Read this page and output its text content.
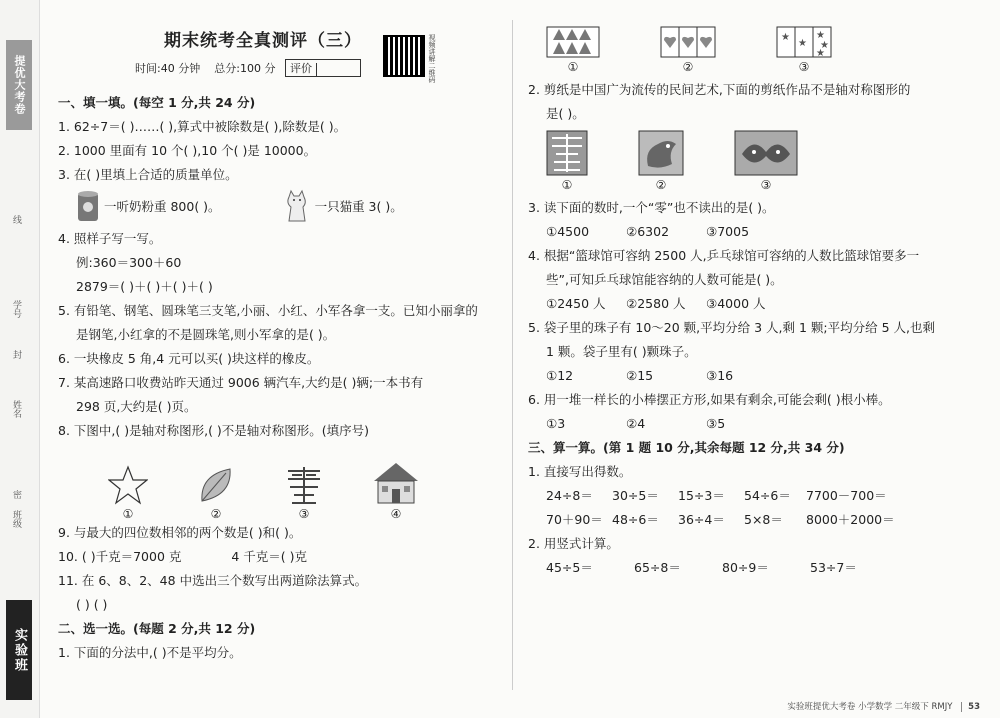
提优大考卷
线
学号
封
姓名
密
班级
实验班
视频讲解二维码
期末统考全真测评（三）
时间:40 分钟 总分:100 分 评价
一、填一填。(每空 1 分,共 24 分)
1. 62÷7＝( )……( ),算式中被除数是( ),除数是( )。
2. 1000 里面有 10 个( ),10 个( )是 10000。
3. 在( )里填上合适的质量单位。
一听奶粉重 800( )。	一只猫重 3( )。
4. 照样子写一写。
例:360＝300＋60
2879＝( )＋( )＋( )＋( )
5. 有铅笔、钢笔、圆珠笔三支笔,小丽、小红、小军各拿一支。已知小丽拿的
是钢笔,小红拿的不是圆珠笔,则小军拿的是( )。
6. 一块橡皮 5 角,4 元可以买( )块这样的橡皮。
7. 某高速路口收费站昨天通过 9006 辆汽车,大约是( )辆;一本书有
298 页,大约是( )页。
8. 下图中,( )是轴对称图形,( )不是轴对称图形。(填序号)
①	②	③	④
9. 与最大的四位数相邻的两个数是( )和( )。
10. ( )千克＝7000 克	4 千克＝( )克
11. 在 6、8、2、48 中选出三个数写出两道除法算式。
( ) ( )
二、选一选。(每题 2 分,共 12 分)
1. 下面的分法中,( )不是平均分。
①	②
★
★
★
★
★
③
2. 剪纸是中国广为流传的民间艺术,下面的剪纸作品不是轴对称图形的
是( )。
①	②	③
3. 读下面的数时,一个“零”也不读出的是( )。
①4500	②6302	③7005
4. 根据“篮球馆可容纳 2500 人,乒乓球馆可容纳的人数比篮球馆要多一
些”,可知乒乓球馆能容纳的人数可能是( )。
①2450 人	②2580 人	③4000 人
5. 袋子里的珠子有 10～20 颗,平均分给 3 人,剩 1 颗;平均分给 5 人,也剩
1 颗。袋子里有( )颗珠子。
①12	②15	③16
6. 用一堆一样长的小棒摆正方形,如果有剩余,可能会剩( )根小棒。
①3	②4	③5
三、算一算。(第 1 题 10 分,其余每题 12 分,共 34 分)
1. 直接写出得数。
24÷8＝	30÷5＝	15÷3＝	54÷6＝	7700－700＝
70＋90＝ 48÷6＝	36÷4＝	5×8＝	8000＋2000＝
2. 用竖式计算。
45÷5＝	65÷8＝	80÷9＝	53÷7＝
实验班提优大考卷 小学数学 二年级下 RMJY 53
